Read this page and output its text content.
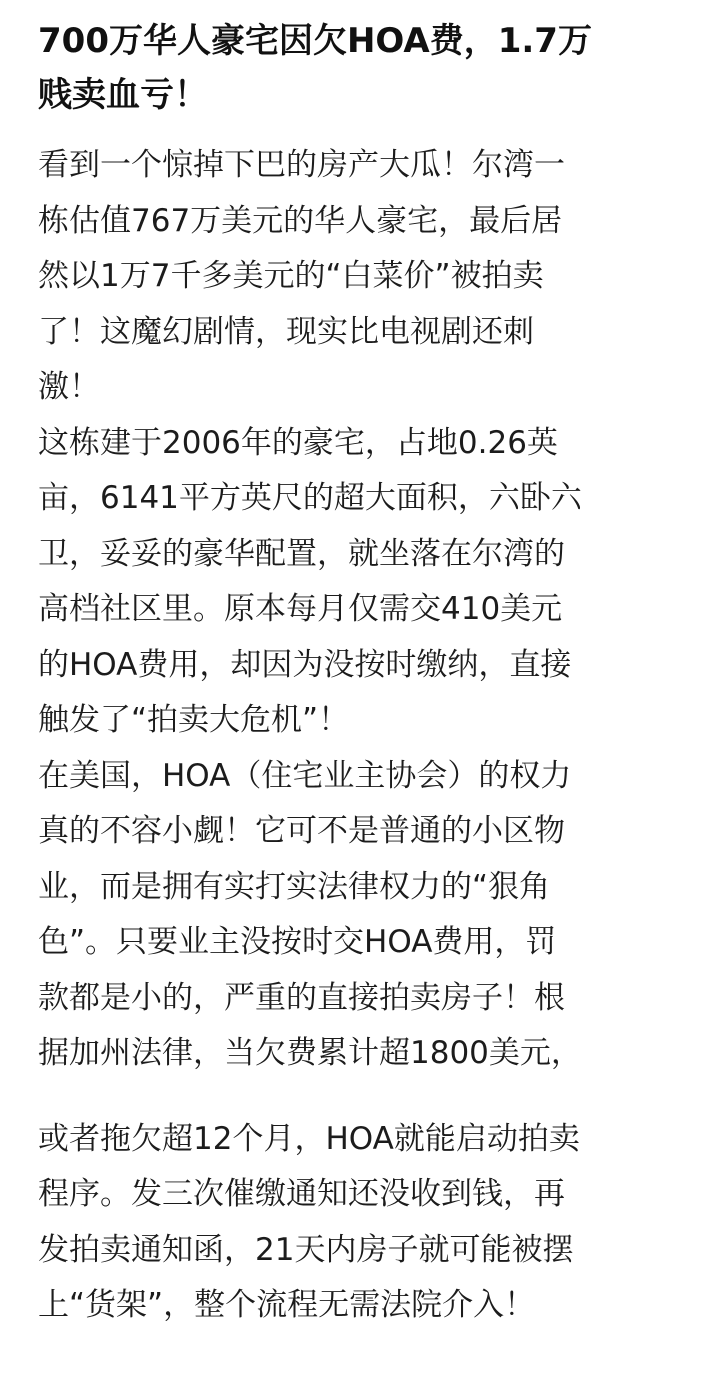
700万华人豪宅因欠HOA费，1.7万
贱卖血亏！

看到一个惊掉下巴的房产大瓜！尔湾一
栋估值767万美元的华人豪宅，最后居
然以1万7千多美元的“白菜价”被拍卖
了！这魔幻剧情，现实比电视剧还刺
激！

这栋建于2006年的豪宅，占地0.26英
亩，6141平方英尺的超大面积，六卧六
卫，妥妥的豪华配置，就坐落在尔湾的
高档社区里。原本每月仅需交410美元
的HOA费用，却因为没按时缴纳，直接
触发了“拍卖大危机”！

在美国，HOA（住宅业主协会）的权力
真的不容小觑！它可不是普通的小区物
业，而是拥有实打实法律权力的“狠角
色”。只要业主没按时交HOA费用，罚
款都是小的，严重的直接拍卖房子！根
据加州法律，当欠费累计超1800美元，

或者拖欠超12个月，HOA就能启动拍卖
程序。发三次催缴通知还没收到钱，再
发拍卖通知函，21天内房子就可能被摆
上“货架”，整个流程无需法院介入！
